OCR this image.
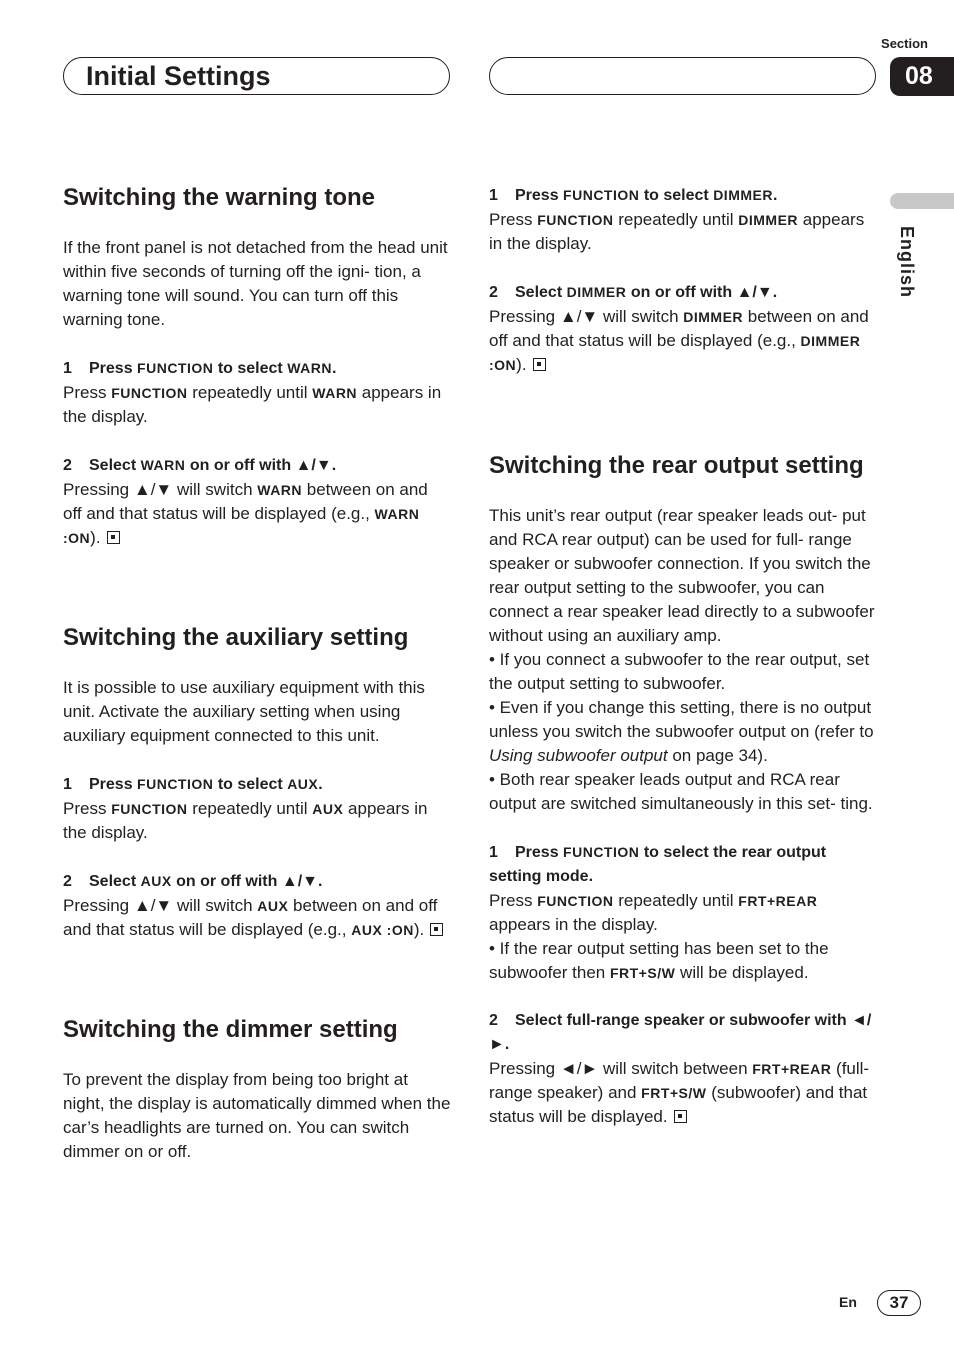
Initial Settings
Section
08
English
Switching the warning tone

If the front panel is not detached from the head unit within five seconds of turning off the igni- tion, a warning tone will sound. You can turn off this warning tone.

1 Press FUNCTION to select WARN.

Press FUNCTION repeatedly until WARN appears in the display.

2 Select WARN on or off with ▲/▼.

Pressing ▲/▼ will switch WARN between on and off and that status will be displayed (e.g., WARN :ON).

Switching the auxiliary setting

It is possible to use auxiliary equipment with this unit. Activate the auxiliary setting when using auxiliary equipment connected to this unit.

1 Press FUNCTION to select AUX.

Press FUNCTION repeatedly until AUX appears in the display.

2 Select AUX on or off with ▲/▼.

Pressing ▲/▼ will switch AUX between on and off and that status will be displayed (e.g., AUX :ON).

Switching the dimmer setting

To prevent the display from being too bright at night, the display is automatically dimmed when the car’s headlights are turned on. You can switch dimmer on or off.

1 Press FUNCTION to select DIMMER.

Press FUNCTION repeatedly until DIMMER appears in the display.

2 Select DIMMER on or off with ▲/▼.

Pressing ▲/▼ will switch DIMMER between on and off and that status will be displayed (e.g., DIMMER :ON).

Switching the rear output setting

This unit’s rear output (rear speaker leads out- put and RCA rear output) can be used for full- range speaker or subwoofer connection. If you switch the rear output setting to the subwoofer, you can connect a rear speaker lead directly to a subwoofer without using an auxiliary amp.

• If you connect a subwoofer to the rear output, set the output setting to subwoofer.

• Even if you change this setting, there is no output unless you switch the subwoofer output on (refer to Using subwoofer output on page 34).

• Both rear speaker leads output and RCA rear output are switched simultaneously in this set- ting.

1 Press FUNCTION to select the rear output setting mode.

Press FUNCTION repeatedly until FRT+REAR appears in the display.

• If the rear output setting has been set to the subwoofer then FRT+S/W will be displayed.

2 Select full-range speaker or subwoofer with ◄/►.

Pressing ◄/► will switch between FRT+REAR (full-range speaker) and FRT+S/W (subwoofer) and that status will be displayed.

En	37
